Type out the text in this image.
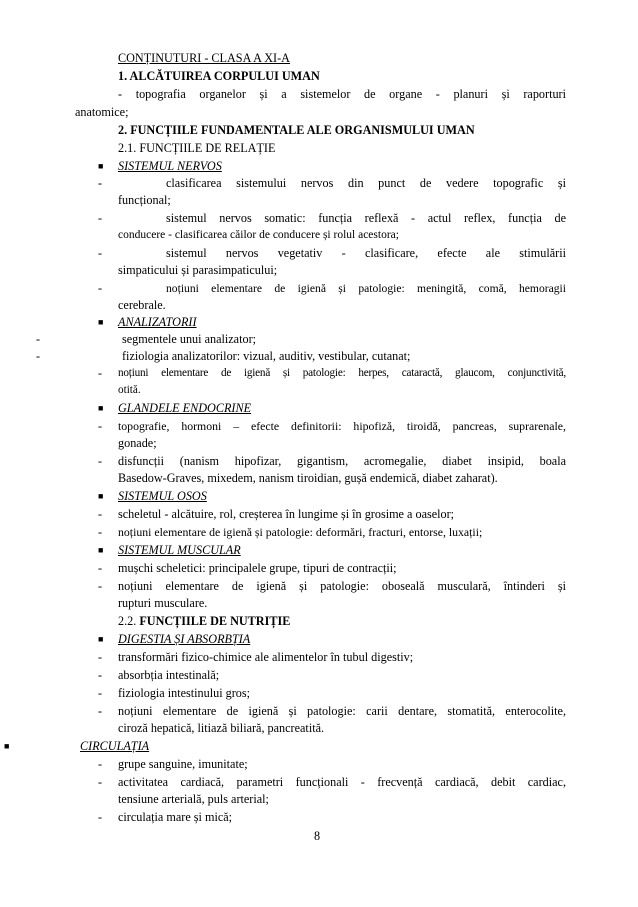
CONȚINUTURI - CLASA A XI-A
1. ALCĂTUIREA CORPULUI UMAN
- topografia organelor și a sistemelor de organe - planuri și raporturi
anatomice;
2. FUNCȚIILE FUNDAMENTALE ALE ORGANISMULUI UMAN
2.1. FUNCȚIILE DE RELAȚIE
■ SISTEMUL NERVOS
-	clasificarea sistemului nervos din punct de vedere topografic și
funcțional;
-	sistemul nervos somatic: funcția reflexă - actul reflex, funcția de
conducere - clasificarea căilor de conducere și rolul acestora;
-	sistemul nervos vegetativ - clasificare, efecte ale stimulării
simpaticului și parasimpaticului;
-	noțiuni elementare de igienă și patologie: meningită, comă, hemoragii
cerebrale.
■ ANALIZATORII
-	segmentele unui analizator;
-	fiziologia analizatorilor: vizual, auditiv, vestibular, cutanat;
- noțiuni elementare de igienă și patologie: herpes, cataractă, glaucom, conjunctivită,
otită.
■ GLANDELE ENDOCRINE
- topografie, hormoni – efecte definitorii: hipofiză, tiroidă, pancreas, suprarenale,
gonade;
- disfuncții (nanism hipofizar, gigantism, acromegalie, diabet insipid, boala
Basedow-Graves, mixedem, nanism tiroidian, gușă endemică, diabet zaharat).
■ SISTEMUL OSOS
- scheletul - alcătuire, rol, creșterea în lungime și în grosime a oaselor;
- noțiuni elementare de igienă și patologie: deformări, fracturi, entorse, luxații;
■ SISTEMUL MUSCULAR
- mușchi scheletici: principalele grupe, tipuri de contracții;
- noțiuni elementare de igienă și patologie: oboseală musculară, întinderi și
rupturi musculare.
2.2. FUNCȚIILE DE NUTRIȚIE
■ DIGESTIA ȘI ABSORBȚIA
- transformări fizico-chimice ale alimentelor în tubul digestiv;
- absorbția intestinală;
- fiziologia intestinului gros;
- noțiuni elementare de igienă și patologie: carii dentare, stomatită, enterocolite,
ciroză hepatică, litiază biliară, pancreatită.
■	CIRCULAȚIA
- grupe sanguine, imunitate;
- activitatea cardiacă, parametri funcționali - frecvență cardiacă, debit cardiac,
tensiune arterială, puls arterial;
- circulația mare și mică;
8
